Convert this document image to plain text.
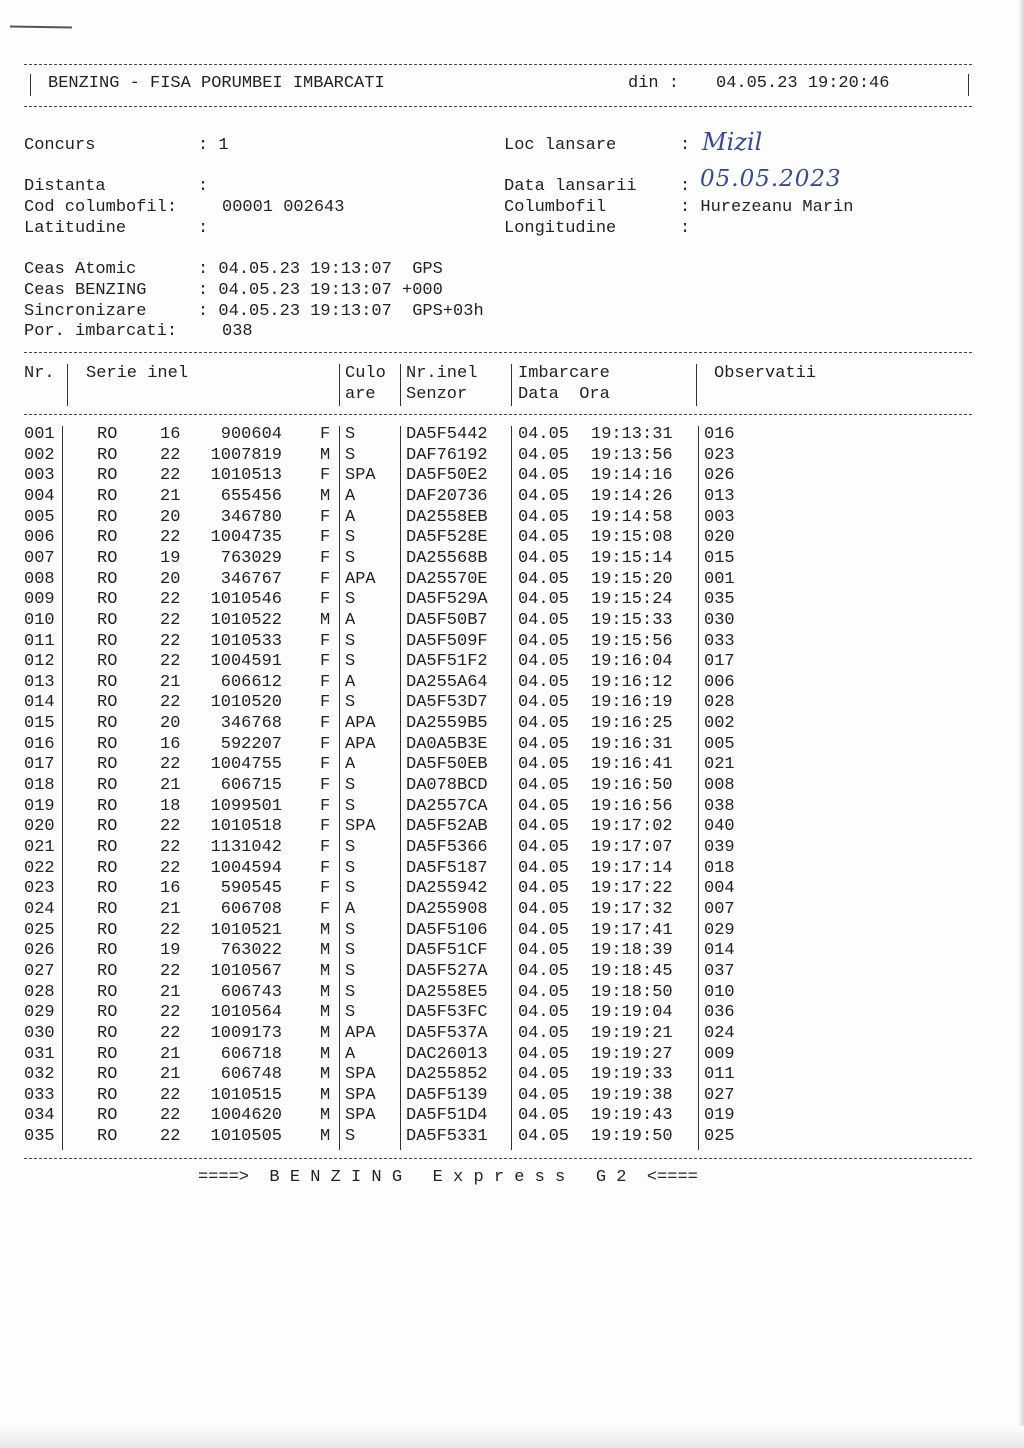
BENZING - FISA PORUMBEI IMBARCATI	din : 04.05.23 19:20:46
Concurs	: 1
Distanta	:
Cod columbofil:	00001 002643
Latitudine	:
Loc lansare	: Mizil
Data lansarii	: 05.05.2023
Columbofil	: Hurezeanu Marin
Longitudine	:
Ceas Atomic	: 04.05.23 19:13:07  GPS
Ceas BENZING	: 04.05.23 19:13:07 +000
Sincronizare	: 04.05.23 19:13:07  GPS+03h
Por. imbarcati:	038
Nr. Serie inel	Culo
are
Nr.inel
Senzor
Imbarcare
Data  Ora
Observatii
001 RO	16	900604 F S	DA5F5442 04.05 19:13:31 016
002 RO	22	1007819 M S	DAF76192 04.05 19:13:56 023
003 RO	22	1010513 F SPA DA5F50E2 04.05 19:14:16 026
004 RO	21	655456 M A	DAF20736 04.05 19:14:26 013
005 RO	20	346780 F A	DA2558EB 04.05 19:14:58 003
006 RO	22	1004735 F S	DA5F528E 04.05 19:15:08 020
007 RO	19	763029 F S	DA25568B 04.05 19:15:14 015
008 RO	20	346767 F APA DA25570E 04.05 19:15:20 001
009 RO	22	1010546 F S	DA5F529A 04.05 19:15:24 035
010 RO	22	1010522 M A	DA5F50B7 04.05 19:15:33 030
011 RO	22	1010533 F S	DA5F509F 04.05 19:15:56 033
012 RO	22	1004591 F S	DA5F51F2 04.05 19:16:04 017
013 RO	21	606612 F A	DA255A64 04.05 19:16:12 006
014 RO	22	1010520 F S	DA5F53D7 04.05 19:16:19 028
015 RO	20	346768 F APA DA2559B5 04.05 19:16:25 002
016 RO	16	592207 F APA DA0A5B3E 04.05 19:16:31 005
017 RO	22	1004755 F A	DA5F50EB 04.05 19:16:41 021
018 RO	21	606715 F S	DA078BCD 04.05 19:16:50 008
019 RO	18	1099501 F S	DA2557CA 04.05 19:16:56 038
020 RO	22	1010518 F SPA DA5F52AB 04.05 19:17:02 040
021 RO	22	1131042 F S	DA5F5366 04.05 19:17:07 039
022 RO	22	1004594 F S	DA5F5187 04.05 19:17:14 018
023 RO	16	590545 F S	DA255942 04.05 19:17:22 004
024 RO	21	606708 F A	DA255908 04.05 19:17:32 007
025 RO	22	1010521 M S	DA5F5106 04.05 19:17:41 029
026 RO	19	763022 M S	DA5F51CF 04.05 19:18:39 014
027 RO	22	1010567 M S	DA5F527A 04.05 19:18:45 037
028 RO	21	606743 M S	DA2558E5 04.05 19:18:50 010
029 RO	22	1010564 M S	DA5F53FC 04.05 19:19:04 036
030 RO	22	1009173 M APA DA5F537A 04.05 19:19:21 024
031 RO	21	606718 M A	DAC26013 04.05 19:19:27 009
032 RO	21	606748 M SPA DA255852 04.05 19:19:33 011
033 RO	22	1010515 M SPA DA5F5139 04.05 19:19:38 027
034 RO	22	1004620 M SPA DA5F51D4 04.05 19:19:43 019
035 RO	22	1010505 M S	DA5F5331 04.05 19:19:50 025
====>  B E N Z I N G   E x p r e s s   G 2  <====
